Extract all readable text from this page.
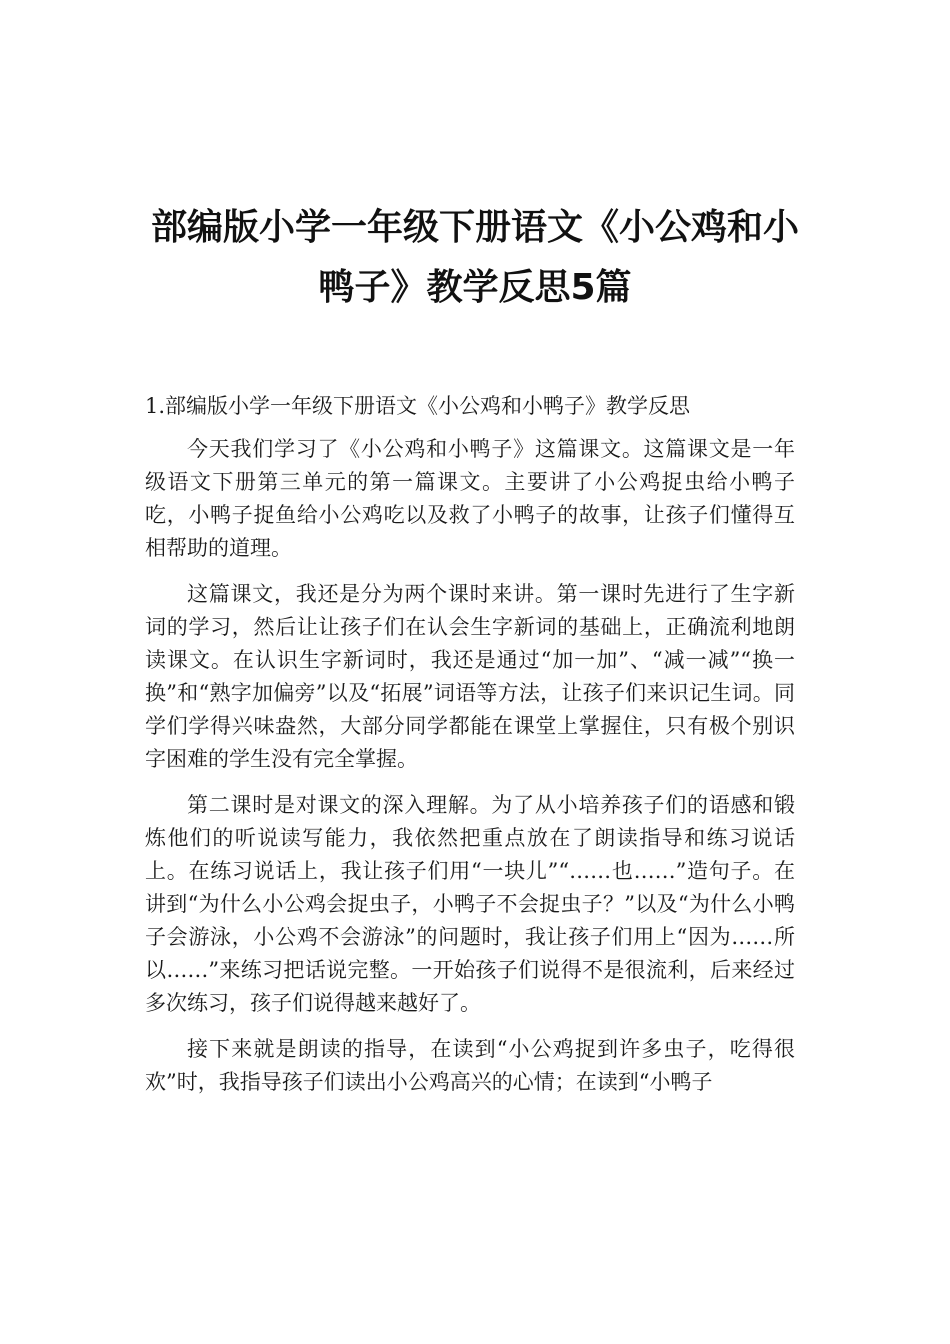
部编版小学一年级下册语文《小公鸡和小
鸭子》教学反思5篇

1.部编版小学一年级下册语文《小公鸡和小鸭子》教学反思

今天我们学习了《小公鸡和小鸭子》这篇课文。这篇课文是一年级语文下册第三单元的第一篇课文。主要讲了小公鸡捉虫给小鸭子吃，小鸭子捉鱼给小公鸡吃以及救了小鸭子的故事，让孩子们懂得互相帮助的道理。

这篇课文，我还是分为两个课时来讲。第一课时先进行了生字新词的学习，然后让让孩子们在认会生字新词的基础上，正确流利地朗读课文。在认识生字新词时，我还是通过“加一加”、“减一减”“换一换”和“熟字加偏旁”以及“拓展”词语等方法，让孩子们来识记生词。同学们学得兴味盎然，大部分同学都能在课堂上掌握住，只有极个别识字困难的学生没有完全掌握。

第二课时是对课文的深入理解。为了从小培养孩子们的语感和锻炼他们的听说读写能力，我依然把重点放在了朗读指导和练习说话上。在练习说话上，我让孩子们用“一块儿”“……也……”造句子。在讲到“为什么小公鸡会捉虫子，小鸭子不会捉虫子？”以及“为什么小鸭子会游泳，小公鸡不会游泳”的问题时，我让孩子们用上“因为……所以……”来练习把话说完整。一开始孩子们说得不是很流利，后来经过多次练习，孩子们说得越来越好了。

接下来就是朗读的指导，在读到“小公鸡捉到许多虫子，吃得很欢”时，我指导孩子们读出小公鸡高兴的心情；在读到“小鸭子
